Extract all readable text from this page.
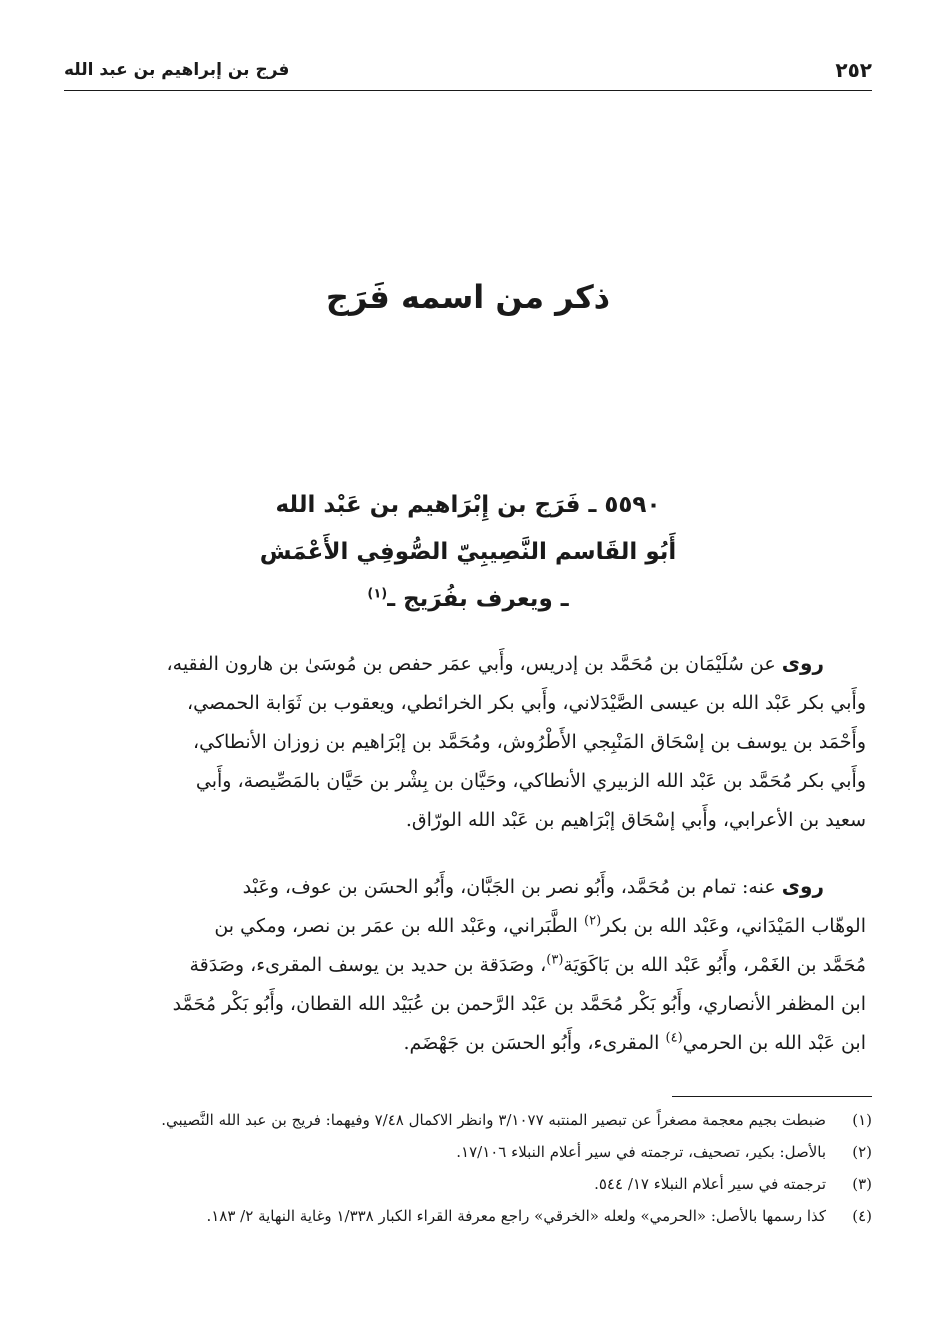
فرج بن إبراهيم بن عبد الله	٢٥٢
ذكر من اسمه فَرَج
٥٥٩٠ ـ فَرَج بن إِبْرَاهيم بن عَبْد الله
أَبُو القَاسم النَّصِيبِيّ الصُّوفِي الأَعْمَش
ـ ويعرف بفُرَيج ـ$^{(١)}$
روى عن سُلَيْمَان بن مُحَمَّد بن إدريس، وأَبي عمَر حفص بن مُوسَىٰ بن هارون الفقيه،
وأَبي بكر عَبْد الله بن عيسى الصَّيْدَلاني، وأَبي بكر الخرائطي، ويعقوب بن ثَوَابة الحمصي،
وأَحْمَد بن يوسف بن إسْحَاق المَنْبِجي الأَطْرُوش، ومُحَمَّد بن إبْرَاهيم بن زوزان الأنطاكي،
وأَبي بكر مُحَمَّد بن عَبْد الله الزبيري الأنطاكي، وحَيَّان بن بِشْر بن حَيَّان بالمَصِّيصة، وأَبي
سعيد بن الأعرابي، وأَبي إسْحَاق إبْرَاهيم بن عَبْد الله الورّاق.
روى عنه: تمام بن مُحَمَّد، وأَبُو نصر بن الجَبَّان، وأَبُو الحسَن بن عوف، وعَبْد
الوهّاب المَيْدَاني، وعَبْد الله بن بكر$^{(٢)}$ الطَّبَراني، وعَبْد الله بن عمَر بن نصر، ومكي بن
مُحَمَّد بن الغَمْر، وأَبُو عَبْد الله بن بَاكَوَيَة$^{(٣)}$، وصَدَقة بن حديد بن يوسف المقرىء، وصَدَقة
ابن المظفر الأنصاري، وأَبُو بَكْر مُحَمَّد بن عَبْد الرَّحمن بن عُبَيْد الله القطان، وأَبُو بَكْر مُحَمَّد
ابن عَبْد الله بن الحرمي$^{(٤)}$ المقرىء، وأَبُو الحسَن بن جَهْضَم.
(١)
ضبطت بجيم معجمة مصغراً عن تبصير المنتبه ٣/١٠٧٧ وانظر الاكمال ٧/٤٨ وفيهما: فريج بن عبد الله النَّصيبي.
(٢)
بالأصل: بكير، تصحيف، ترجمته في سير أعلام النبلاء ١٧/١٠٦.
(٣)
ترجمته في سير أعلام النبلاء ١٧/ ٥٤٤.
(٤)
كذا رسمها بالأصل: «الحرمي» ولعله «الخرقي» راجع معرفة القراء الكبار ١/٣٣٨ وغاية النهاية ٢/ ١٨٣.
